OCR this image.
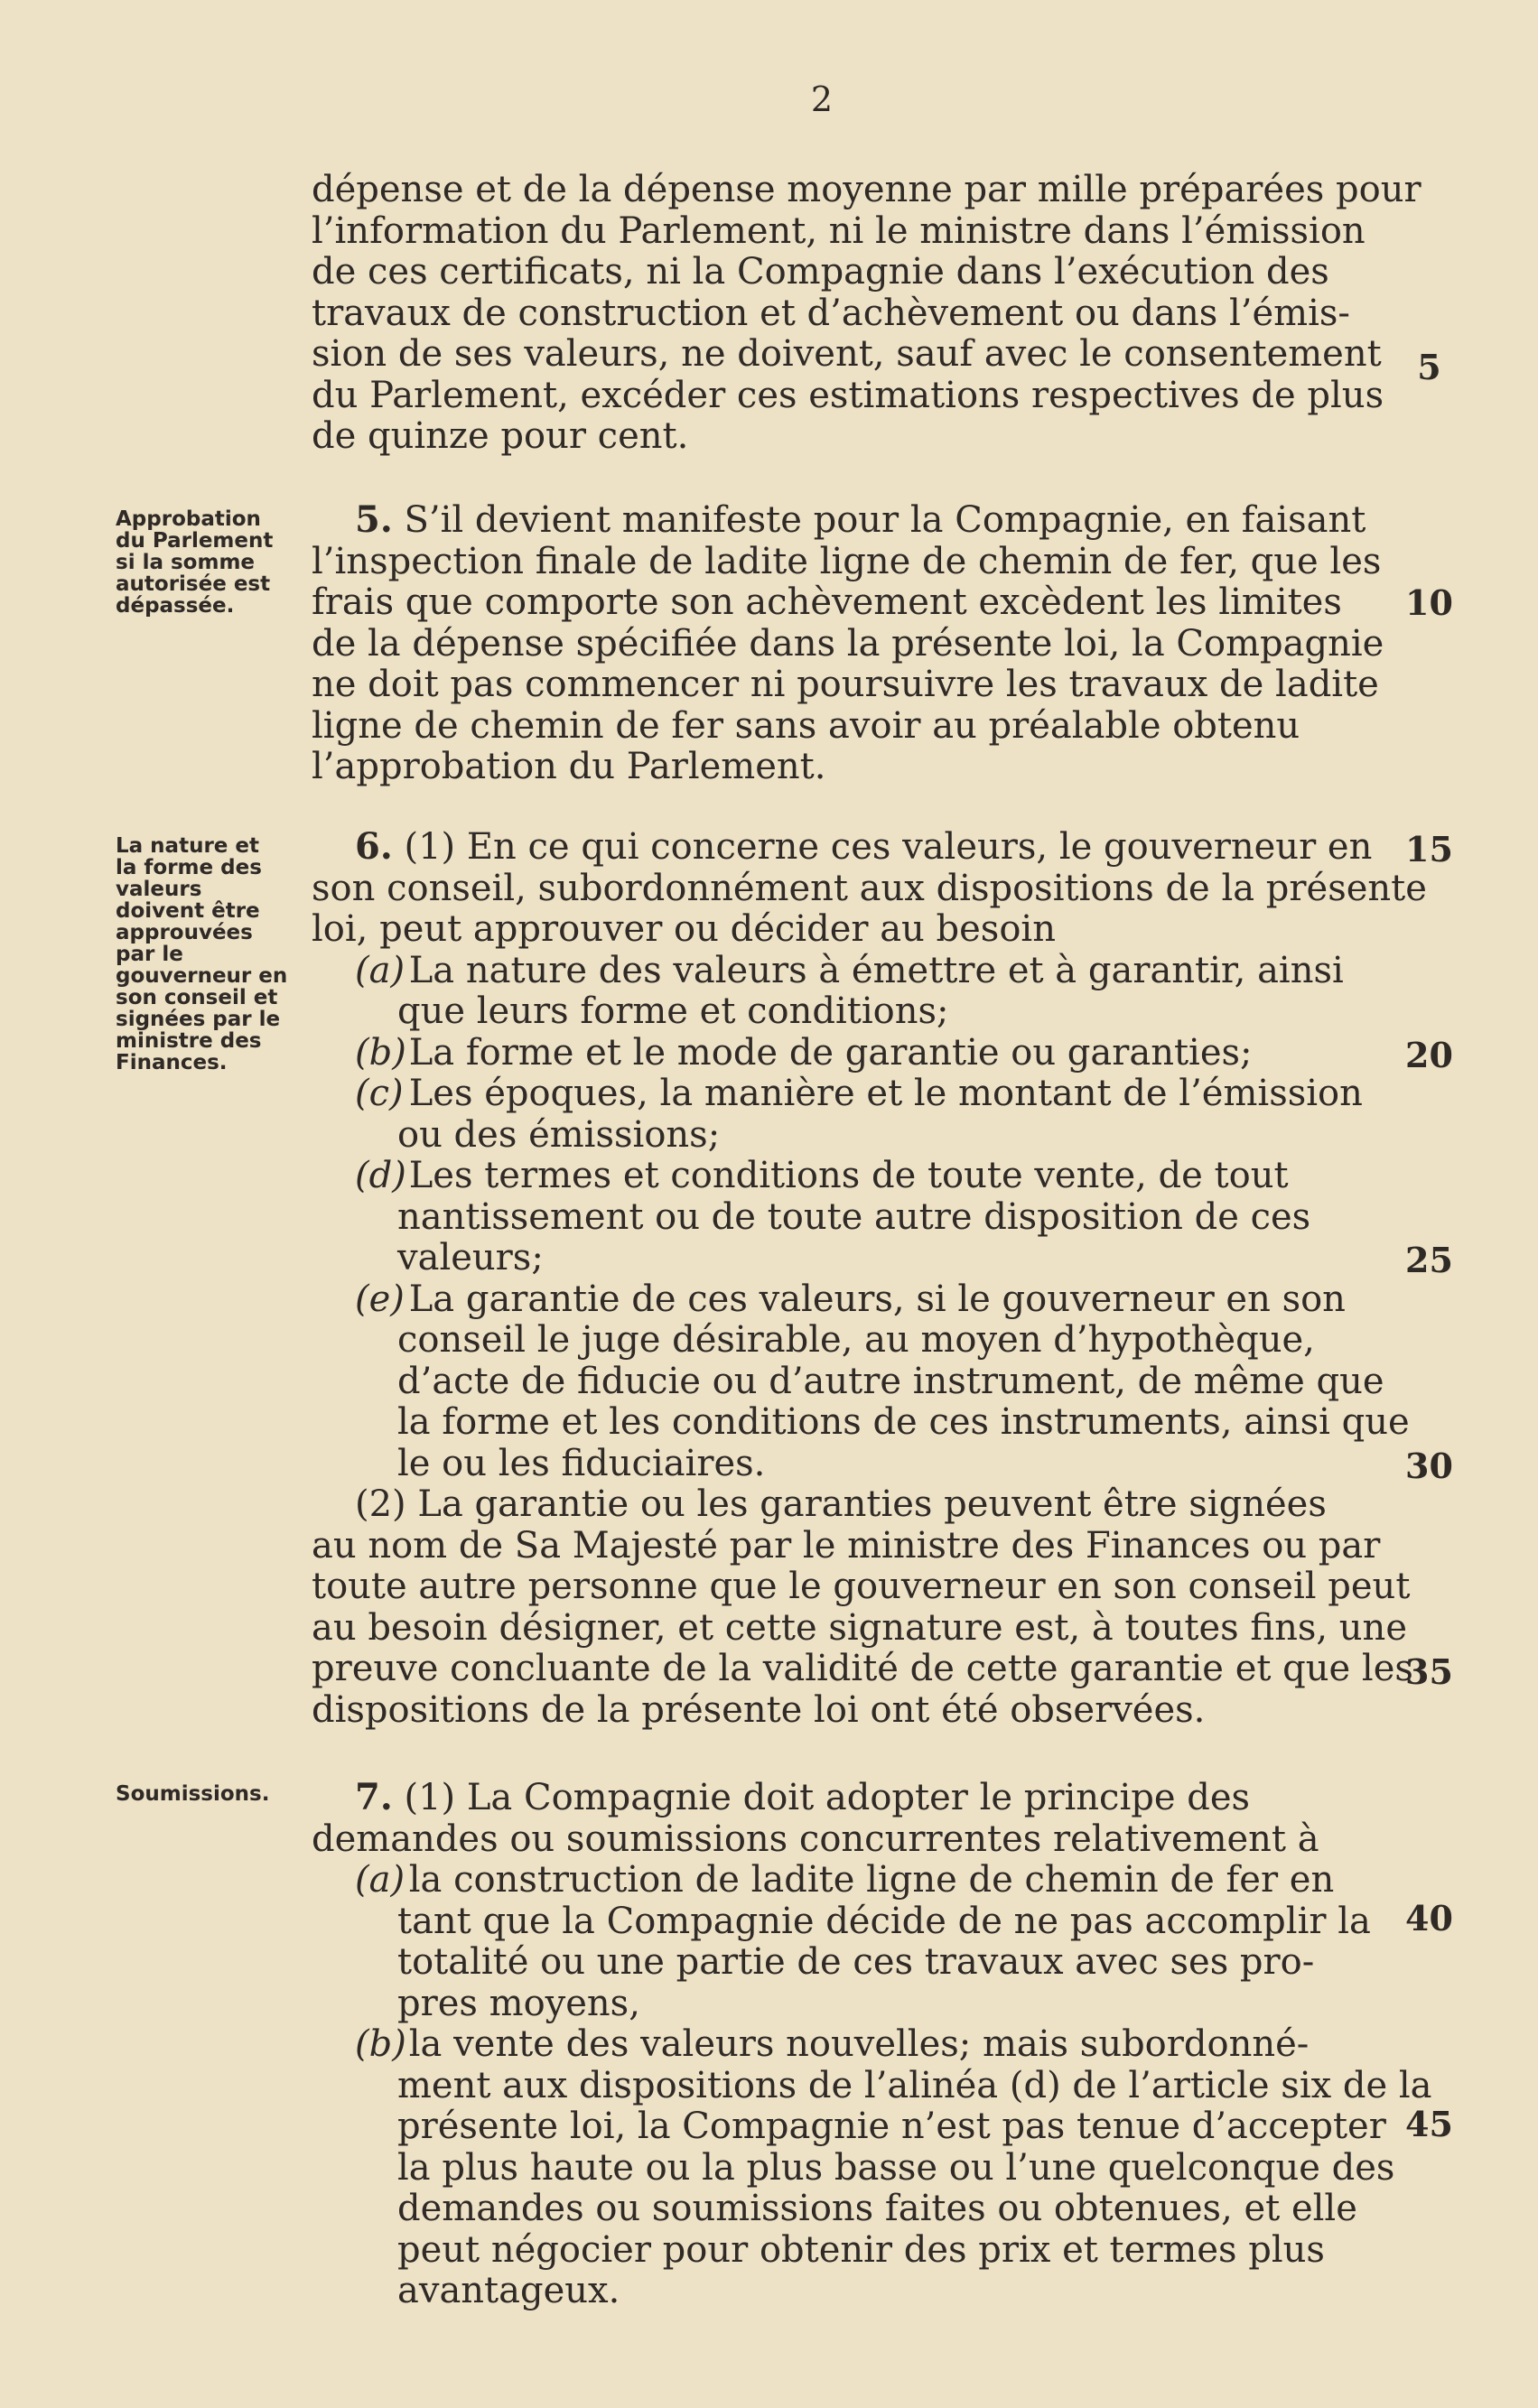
2
dépense et de la dépense moyenne par mille préparées pour
l’information du Parlement, ni le ministre dans l’émission
de ces certificats, ni la Compagnie dans l’exécution des
travaux de construction et d’achèvement ou dans l’émis-
sion de ses valeurs, ne doivent, sauf avec le consentement
du Parlement, excéder ces estimations respectives de plus
de quinze pour cent.
Approbation
du Parlement
si la somme
autorisée est
dépassée.
5. S’il devient manifeste pour la Compagnie, en faisant
l’inspection finale de ladite ligne de chemin de fer, que les
frais que comporte son achèvement excèdent les limites
de la dépense spécifiée dans la présente loi, la Compagnie
ne doit pas commencer ni poursuivre les travaux de ladite
ligne de chemin de fer sans avoir au préalable obtenu
l’approbation du Parlement.
La nature et
la forme des
valeurs
doivent être
approuvées
par le
gouverneur en
son conseil et
signées par le
ministre des
Finances.
6. (1) En ce qui concerne ces valeurs, le gouverneur en
son conseil, subordonnément aux dispositions de la présente
loi, peut approuver ou décider au besoin
(a) La nature des valeurs à émettre et à garantir, ainsi
que leurs forme et conditions;
(b) La forme et le mode de garantie ou garanties;
(c) Les époques, la manière et le montant de l’émission
ou des émissions;
(d) Les termes et conditions de toute vente, de tout
nantissement ou de toute autre disposition de ces
valeurs;
(e) La garantie de ces valeurs, si le gouverneur en son
conseil le juge désirable, au moyen d’hypothèque,
d’acte de fiducie ou d’autre instrument, de même que
la forme et les conditions de ces instruments, ainsi que
le ou les fiduciaires.
(2) La garantie ou les garanties peuvent être signées
au nom de Sa Majesté par le ministre des Finances ou par
toute autre personne que le gouverneur en son conseil peut
au besoin désigner, et cette signature est, à toutes fins, une
preuve concluante de la validité de cette garantie et que les
dispositions de la présente loi ont été observées.
Soumissions.	7. (1) La Compagnie doit adopter le principe des
demandes ou soumissions concurrentes relativement à
(a) la construction de ladite ligne de chemin de fer en
tant que la Compagnie décide de ne pas accomplir la
totalité ou une partie de ces travaux avec ses pro-
pres moyens,
(b) la vente des valeurs nouvelles; mais subordonné-
ment aux dispositions de l’alinéa (d) de l’article six de la
présente loi, la Compagnie n’est pas tenue d’accepter
la plus haute ou la plus basse ou l’une quelconque des
demandes ou soumissions faites ou obtenues, et elle
peut négocier pour obtenir des prix et termes plus
avantageux.
5
10
15
20
25
30
35
40
45
